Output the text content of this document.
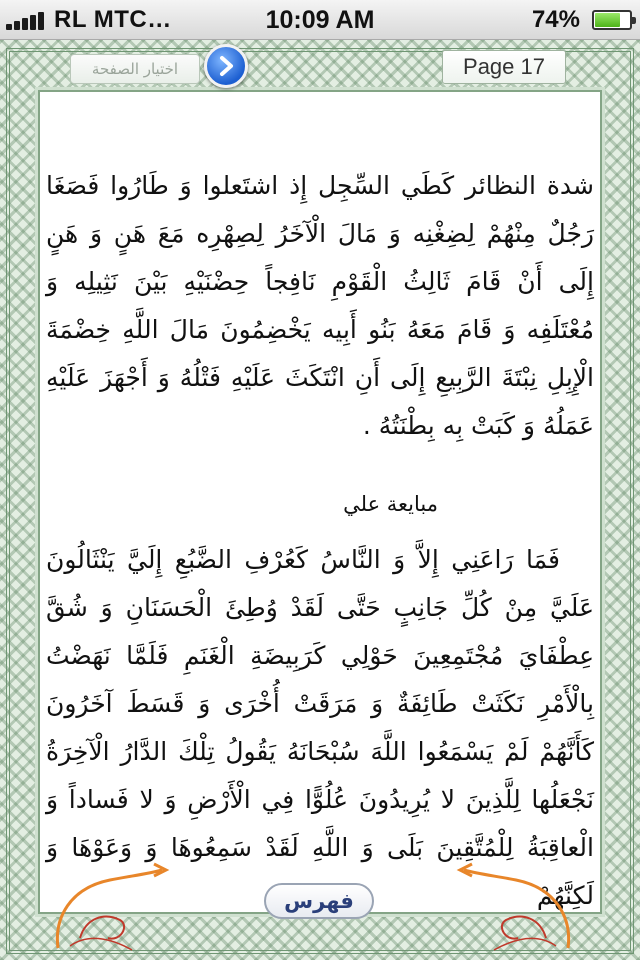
RL MTC…	10:09 AM	74%
اختيار الصفحة	Page 17

شدة النظائر كَطَي السِّجِل إِذ اشتَعلوا وَ طَارُوا فَصَغَا رَجُلٌ مِنْهُمْ لِضِغْنِه وَ مَالَ الْآخَرُ لِصِهْرِه مَعَ هَنٍ وَ هَنٍ إِلَى أَنْ قَامَ ثَالِثُ الْقَوْمِ نَافِجاً حِضْنَيْهِ بَيْنَ نَثِيلِه وَ مُعْتَلَفِه وَ قَامَ مَعَهُ بَنُو أَبِيه يَخْضِمُونَ مَالَ اللَّهِ خِضْمَةَ الْإِبِلِ نِبْتَةَ الرَّبِيعِ إِلَى أَنِ انْتَكَثَ عَلَيْهِ فَتْلُهُ وَ أَجْهَزَ عَلَيْهِ عَمَلُهُ وَ كَبَتْ بِه بِطْنَتُهُ .

مبايعة علي

فَمَا رَاعَنِي إِلاَّ وَ النَّاسُ كَعُرْفِ الضَّبُعِ إِلَيَّ يَنْثَالُونَ عَلَيَّ مِنْ كُلِّ جَانِبٍ حَتَّى لَقَدْ وُطِئَ الْحَسَنَانِ وَ شُقَّ عِطْفَايَ مُجْتَمِعِينَ حَوْلِي كَرَبِيضَةِ الْغَنَمِ فَلَمَّا نَهَضْتُ بِالْأَمْرِ نَكَثَتْ طَائِفَةٌ وَ مَرَقَتْ أُخْرَى وَ قَسَطَ آخَرُونَ كَأَنَّهُمْ لَمْ يَسْمَعُوا اللَّهَ سُبْحَانَهُ يَقُولُ تِلْكَ الدَّارُ الْآخِرَةُ نَجْعَلُها لِلَّذِينَ لا يُرِيدُونَ عُلُوًّا فِي الْأَرْضِ وَ لا فَساداً وَ الْعاقِبَةُ لِلْمُتَّقِينَ بَلَى وَ اللَّهِ لَقَدْ سَمِعُوهَا وَ وَعَوْهَا وَ لَكِنَّهُمْ

فهرس
